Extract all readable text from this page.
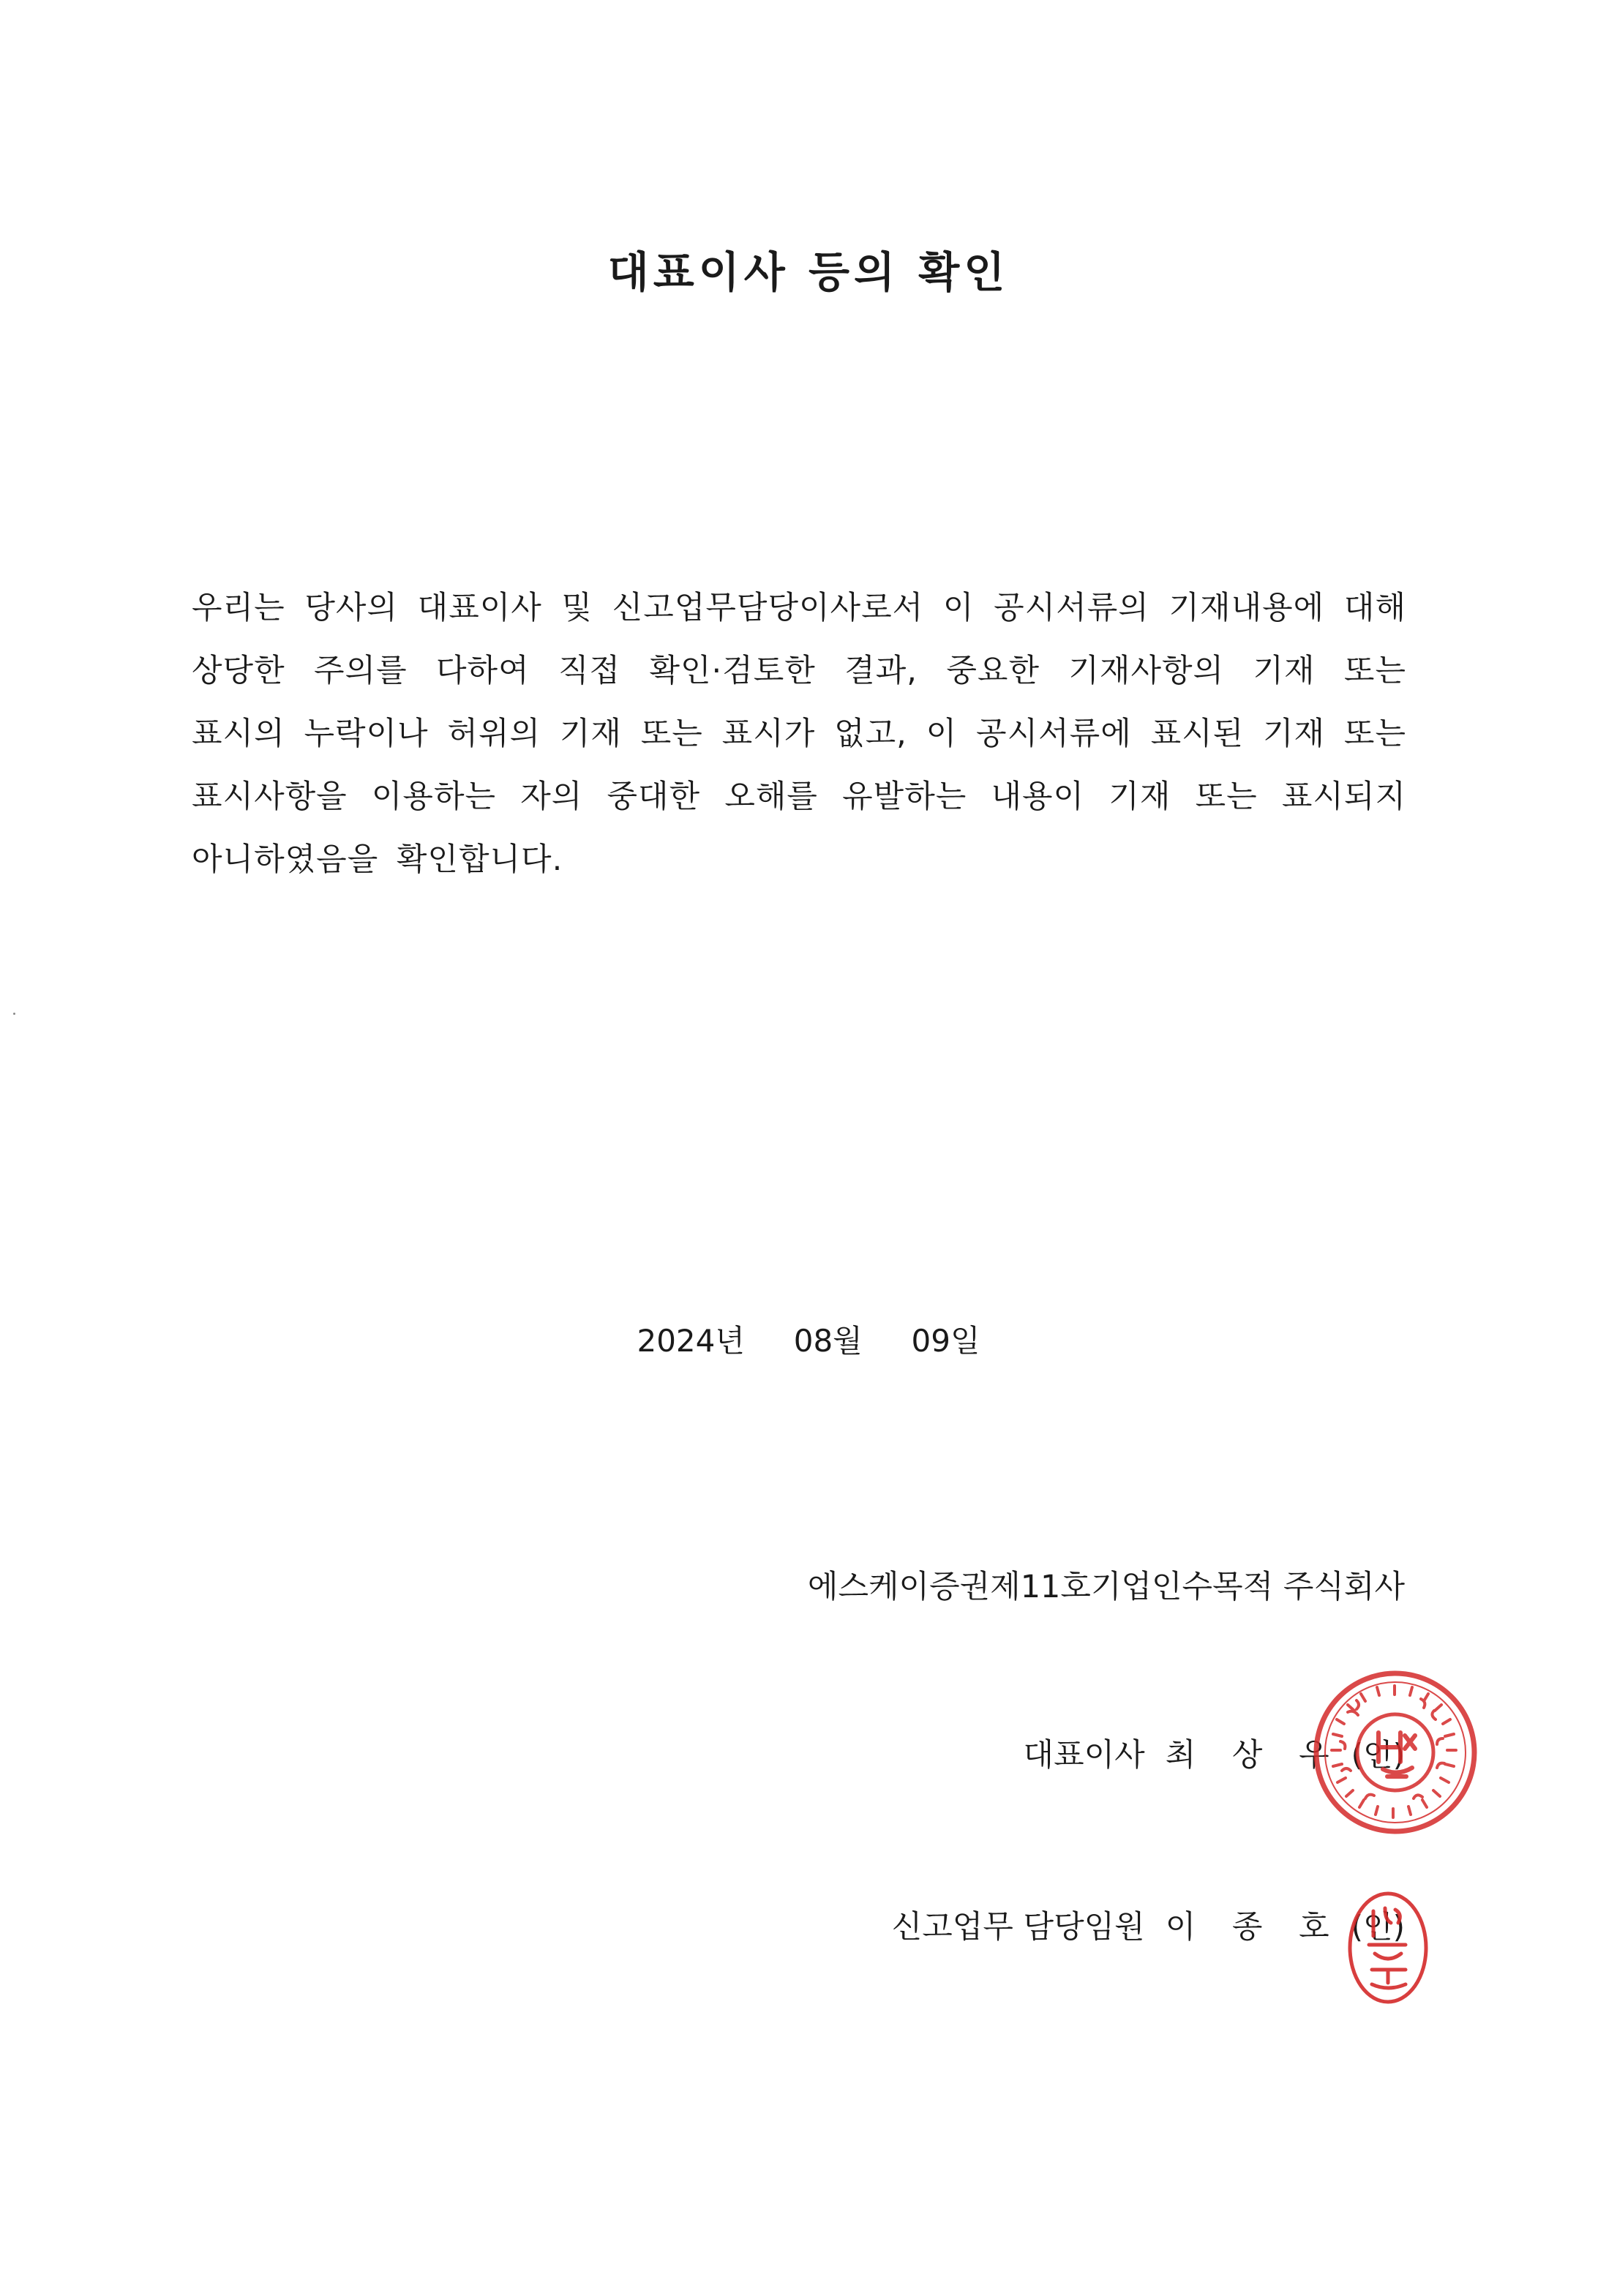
대표이사 등의 확인

우리는 당사의 대표이사 및 신고업무담당이사로서 이 공시서류의 기재내용에 대해 상당한 주의를 다하여 직접 확인·검토한 결과, 중요한 기재사항의 기재 또는 표시의 누락이나 허위의 기재 또는 표시가 없고, 이 공시서류에 표시된 기재 또는 표시사항을 이용하는 자의 중대한 오해를 유발하는 내용이 기재 또는 표시되지 아니하였음을 확인합니다.

2024년 08월 09일

에스케이증권제11호기업인수목적 주식회사

대표이사 최 상 우 (인)

신고업무 담당임원 이 종 호 (인)
